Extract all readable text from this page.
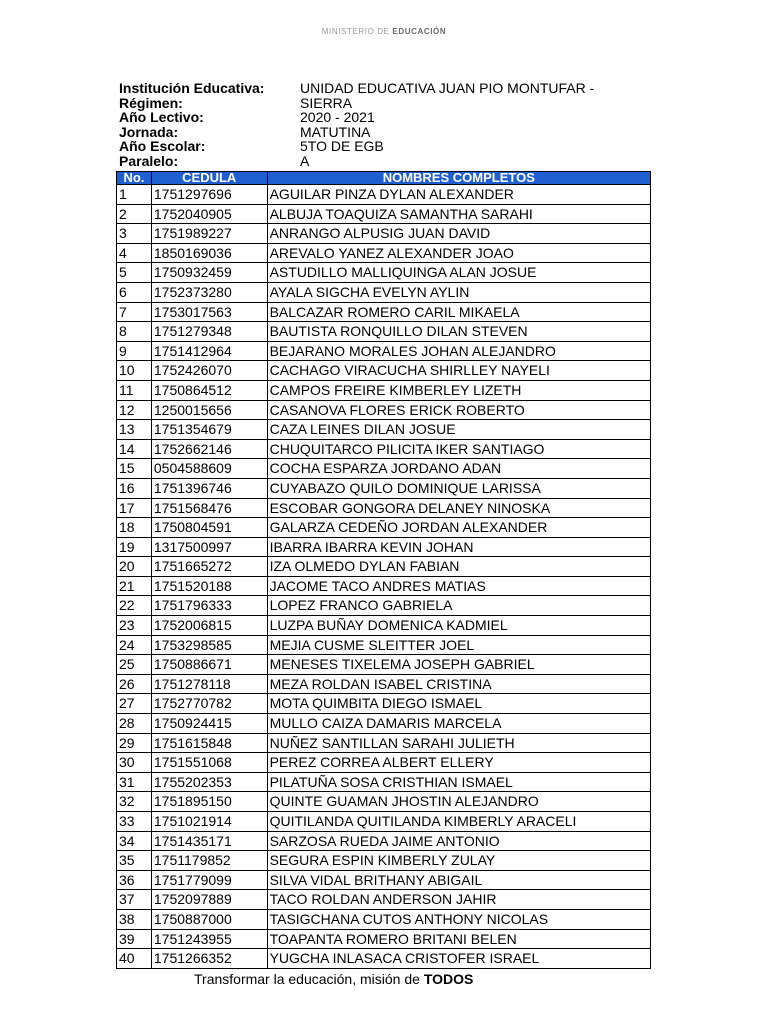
MINISTERIO DE EDUCACIÓN
Institución Educativa:	UNIDAD EDUCATIVA JUAN PIO MONTUFAR -
Régimen:	SIERRA
Año Lectivo:	2020 - 2021
Jornada:	MATUTINA
Año Escolar:	5TO DE EGB
Paralelo:	A
No.	CEDULA	NOMBRES COMPLETOS
1	1751297696	AGUILAR PINZA DYLAN ALEXANDER
2	1752040905	ALBUJA TOAQUIZA SAMANTHA SARAHI
3	1751989227	ANRANGO ALPUSIG JUAN DAVID
4	1850169036	AREVALO YANEZ ALEXANDER JOAO
5	1750932459	ASTUDILLO MALLIQUINGA ALAN JOSUE
6	1752373280	AYALA SIGCHA EVELYN AYLIN
7	1753017563	BALCAZAR ROMERO CARIL MIKAELA
8	1751279348	BAUTISTA RONQUILLO DILAN STEVEN
9	1751412964	BEJARANO MORALES JOHAN ALEJANDRO
10	1752426070	CACHAGO VIRACUCHA SHIRLLEY NAYELI
11	1750864512	CAMPOS FREIRE KIMBERLEY LIZETH
12	1250015656	CASANOVA FLORES ERICK ROBERTO
13	1751354679	CAZA LEINES DILAN JOSUE
14	1752662146	CHUQUITARCO PILICITA IKER SANTIAGO
15	0504588609	COCHA ESPARZA JORDANO ADAN
16	1751396746	CUYABAZO QUILO DOMINIQUE LARISSA
17	1751568476	ESCOBAR GONGORA DELANEY NINOSKA
18	1750804591	GALARZA CEDEÑO JORDAN ALEXANDER
19	1317500997	IBARRA IBARRA KEVIN JOHAN
20	1751665272	IZA OLMEDO DYLAN FABIAN
21	1751520188	JACOME TACO ANDRES MATIAS
22	1751796333	LOPEZ FRANCO GABRIELA
23	1752006815	LUZPA BUÑAY DOMENICA KADMIEL
24	1753298585	MEJIA CUSME SLEITTER JOEL
25	1750886671	MENESES TIXELEMA JOSEPH GABRIEL
26	1751278118	MEZA ROLDAN ISABEL CRISTINA
27	1752770782	MOTA QUIMBITA DIEGO ISMAEL
28	1750924415	MULLO CAIZA DAMARIS MARCELA
29	1751615848	NUÑEZ SANTILLAN SARAHI JULIETH
30	1751551068	PEREZ CORREA ALBERT ELLERY
31	1755202353	PILATUÑA SOSA CRISTHIAN ISMAEL
32	1751895150	QUINTE GUAMAN JHOSTIN ALEJANDRO
33	1751021914	QUITILANDA QUITILANDA KIMBERLY ARACELI
34	1751435171	SARZOSA RUEDA JAIME ANTONIO
35	1751179852	SEGURA ESPIN KIMBERLY ZULAY
36	1751779099	SILVA VIDAL BRITHANY ABIGAIL
37	1752097889	TACO ROLDAN ANDERSON JAHIR
38	1750887000	TASIGCHANA CUTOS ANTHONY NICOLAS
39	1751243955	TOAPANTA ROMERO BRITANI BELEN
40	1751266352	YUGCHA INLASACA CRISTOFER ISRAEL
Transformar la educación, misión de TODOS
